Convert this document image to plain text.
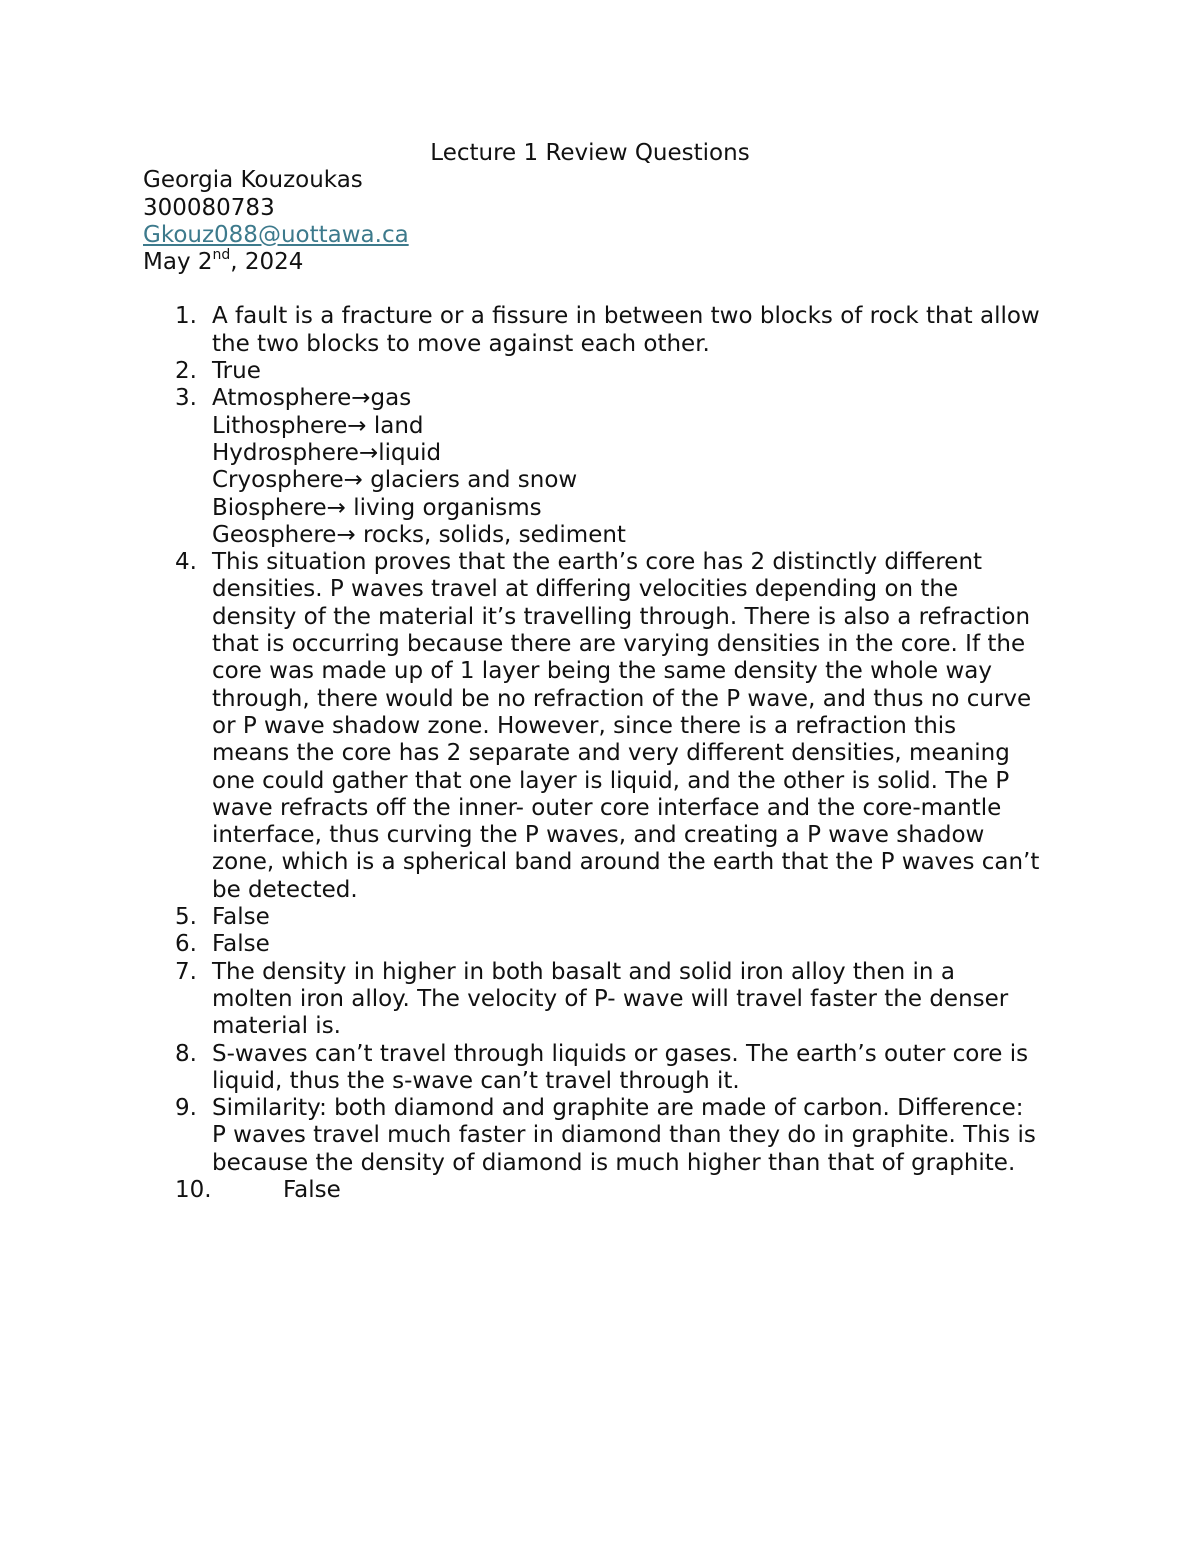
Lecture 1 Review Questions
Georgia Kouzoukas
300080783
Gkouz088@uottawa.ca
May 2nd, 2024
1. A fault is a fracture or a fissure in between two blocks of rock that allow
the two blocks to move against each other.
2. True
3. Atmosphere→gas
Lithosphere→ land
Hydrosphere→liquid
Cryosphere→ glaciers and snow
Biosphere→ living organisms
Geosphere→ rocks, solids, sediment
4. This situation proves that the earth’s core has 2 distinctly different
densities. P waves travel at differing velocities depending on the
density of the material it’s travelling through. There is also a refraction
that is occurring because there are varying densities in the core. If the
core was made up of 1 layer being the same density the whole way
through, there would be no refraction of the P wave, and thus no curve
or P wave shadow zone. However, since there is a refraction this
means the core has 2 separate and very different densities, meaning
one could gather that one layer is liquid, and the other is solid. The P
wave refracts off the inner- outer core interface and the core-mantle
interface, thus curving the P waves, and creating a P wave shadow
zone, which is a spherical band around the earth that the P waves can’t
be detected.
5. False
6. False
7. The density in higher in both basalt and solid iron alloy then in a
molten iron alloy. The velocity of P- wave will travel faster the denser
material is.
8. S-waves can’t travel through liquids or gases. The earth’s outer core is
liquid, thus the s-wave can’t travel through it.
9. Similarity: both diamond and graphite are made of carbon. Difference:
P waves travel much faster in diamond than they do in graphite. This is
because the density of diamond is much higher than that of graphite.
10.	False
